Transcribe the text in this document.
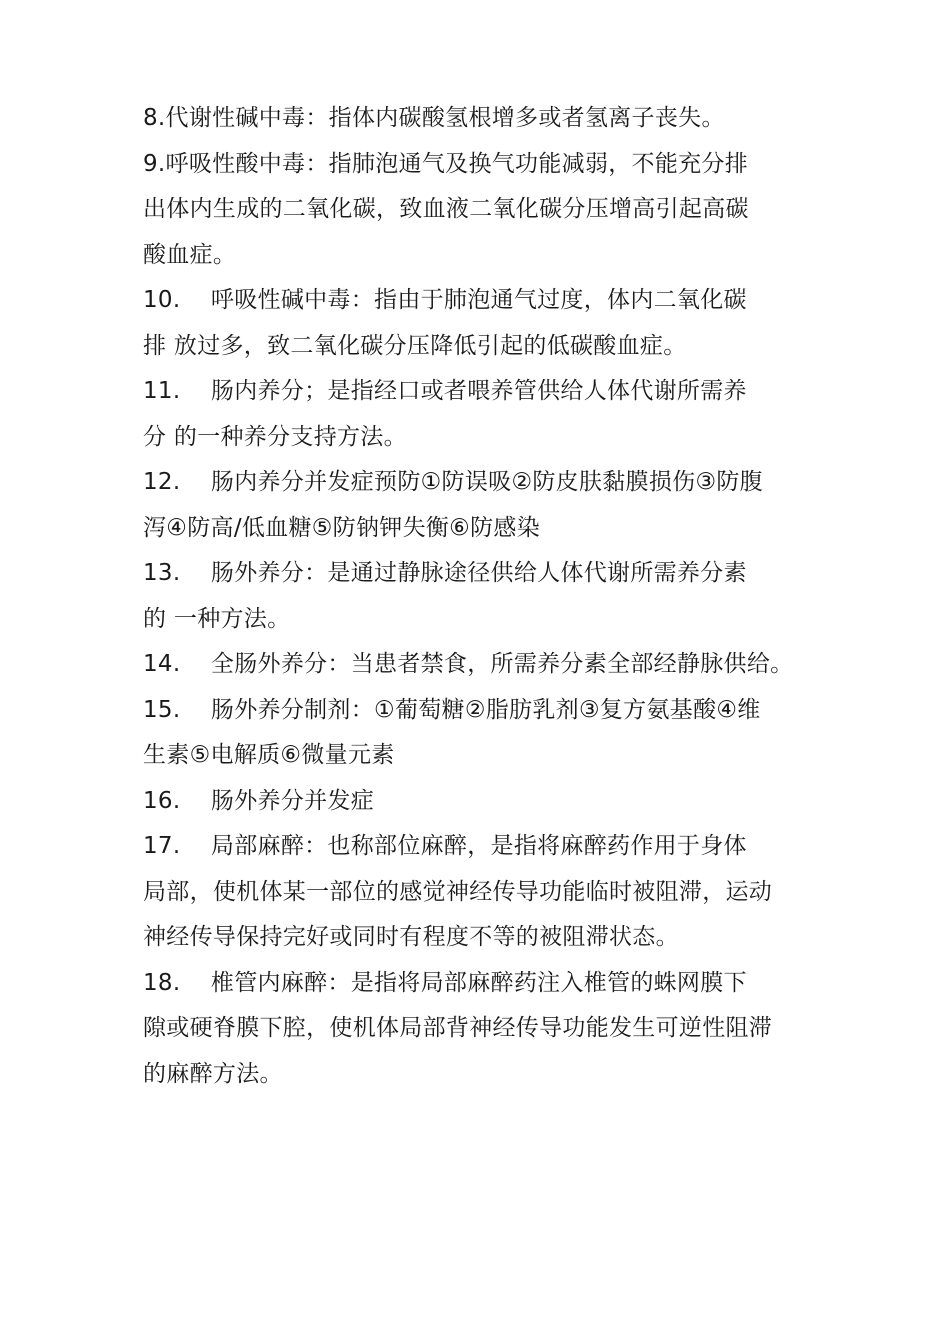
8.代谢性碱中毒：指体内碳酸氢根增多或者氢离子丧失。
9.呼吸性酸中毒：指肺泡通气及换气功能减弱，不能充分排
出体内生成的二氧化碳，致血液二氧化碳分压增高引起高碳
酸血症。
10.    呼吸性碱中毒：指由于肺泡通气过度，体内二氧化碳
排 放过多，致二氧化碳分压降低引起的低碳酸血症。
11.    肠内养分；是指经口或者喂养管供给人体代谢所需养
分 的一种养分支持方法。
12.    肠内养分并发症预防①防误吸②防皮肤黏膜损伤③防腹
泻④防高/低血糖⑤防钠钾失衡⑥防感染
13.    肠外养分：是通过静脉途径供给人体代谢所需养分素
的 一种方法。
14.    全肠外养分：当患者禁食，所需养分素全部经静脉供给。
15.    肠外养分制剂：①葡萄糖②脂肪乳剂③复方氨基酸④维
生素⑤电解质⑥微量元素
16.    肠外养分并发症
17.    局部麻醉：也称部位麻醉，是指将麻醉药作用于身体
局部，使机体某一部位的感觉神经传导功能临时被阻滞，运动
神经传导保持完好或同时有程度不等的被阻滞状态。
18.    椎管内麻醉：是指将局部麻醉药注入椎管的蛛网膜下
隙或硬脊膜下腔，使机体局部背神经传导功能发生可逆性阻滞
的麻醉方法。
